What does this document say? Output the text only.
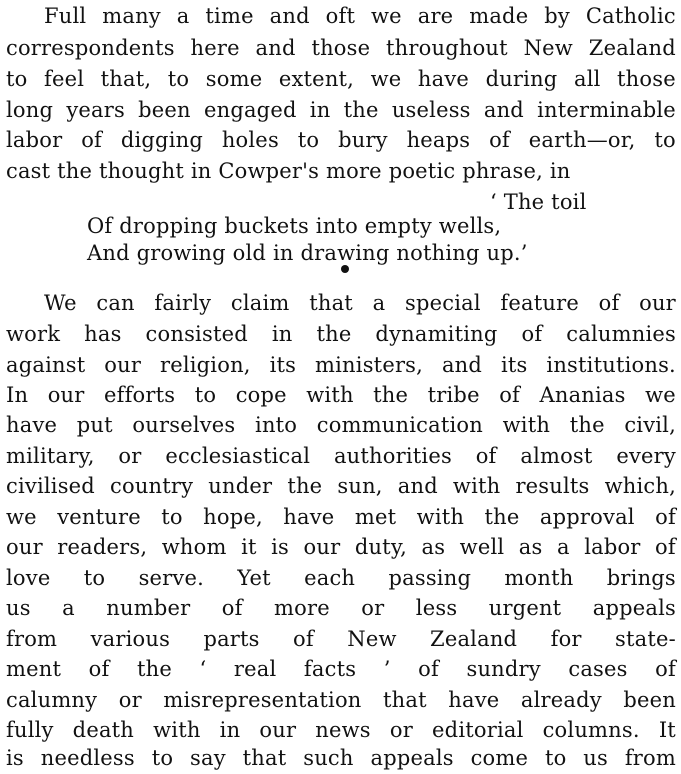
Full many a time and oft we are made by Catholic
correspondents here and those throughout New Zealand
to feel that, to some extent, we have during all those
long years been engaged in the useless and interminable
labor of digging holes to bury heaps of earth—or, to
cast the thought in Cowper's more poetic phrase, in
‘ The toil
Of dropping buckets into empty wells,
And growing old in drawing nothing up.’
We can fairly claim that a special feature of our
work has consisted in the dynamiting of calumnies
against our religion, its ministers, and its institutions.
In our efforts to cope with the tribe of Ananias we
have put ourselves into communication with the civil,
military, or ecclesiastical authorities of almost every
civilised country under the sun, and with results which,
we venture to hope, have met with the approval of
our readers, whom it is our duty, as well as a labor of
love to serve. Yet each passing month brings
us a number of more or less urgent appeals
from various parts of New Zealand for state-
ment of the ‘ real facts ’ of sundry cases of
calumny or misrepresentation that have already been
fully death with in our news or editorial columns. It
is needless to say that such appeals come to us from
